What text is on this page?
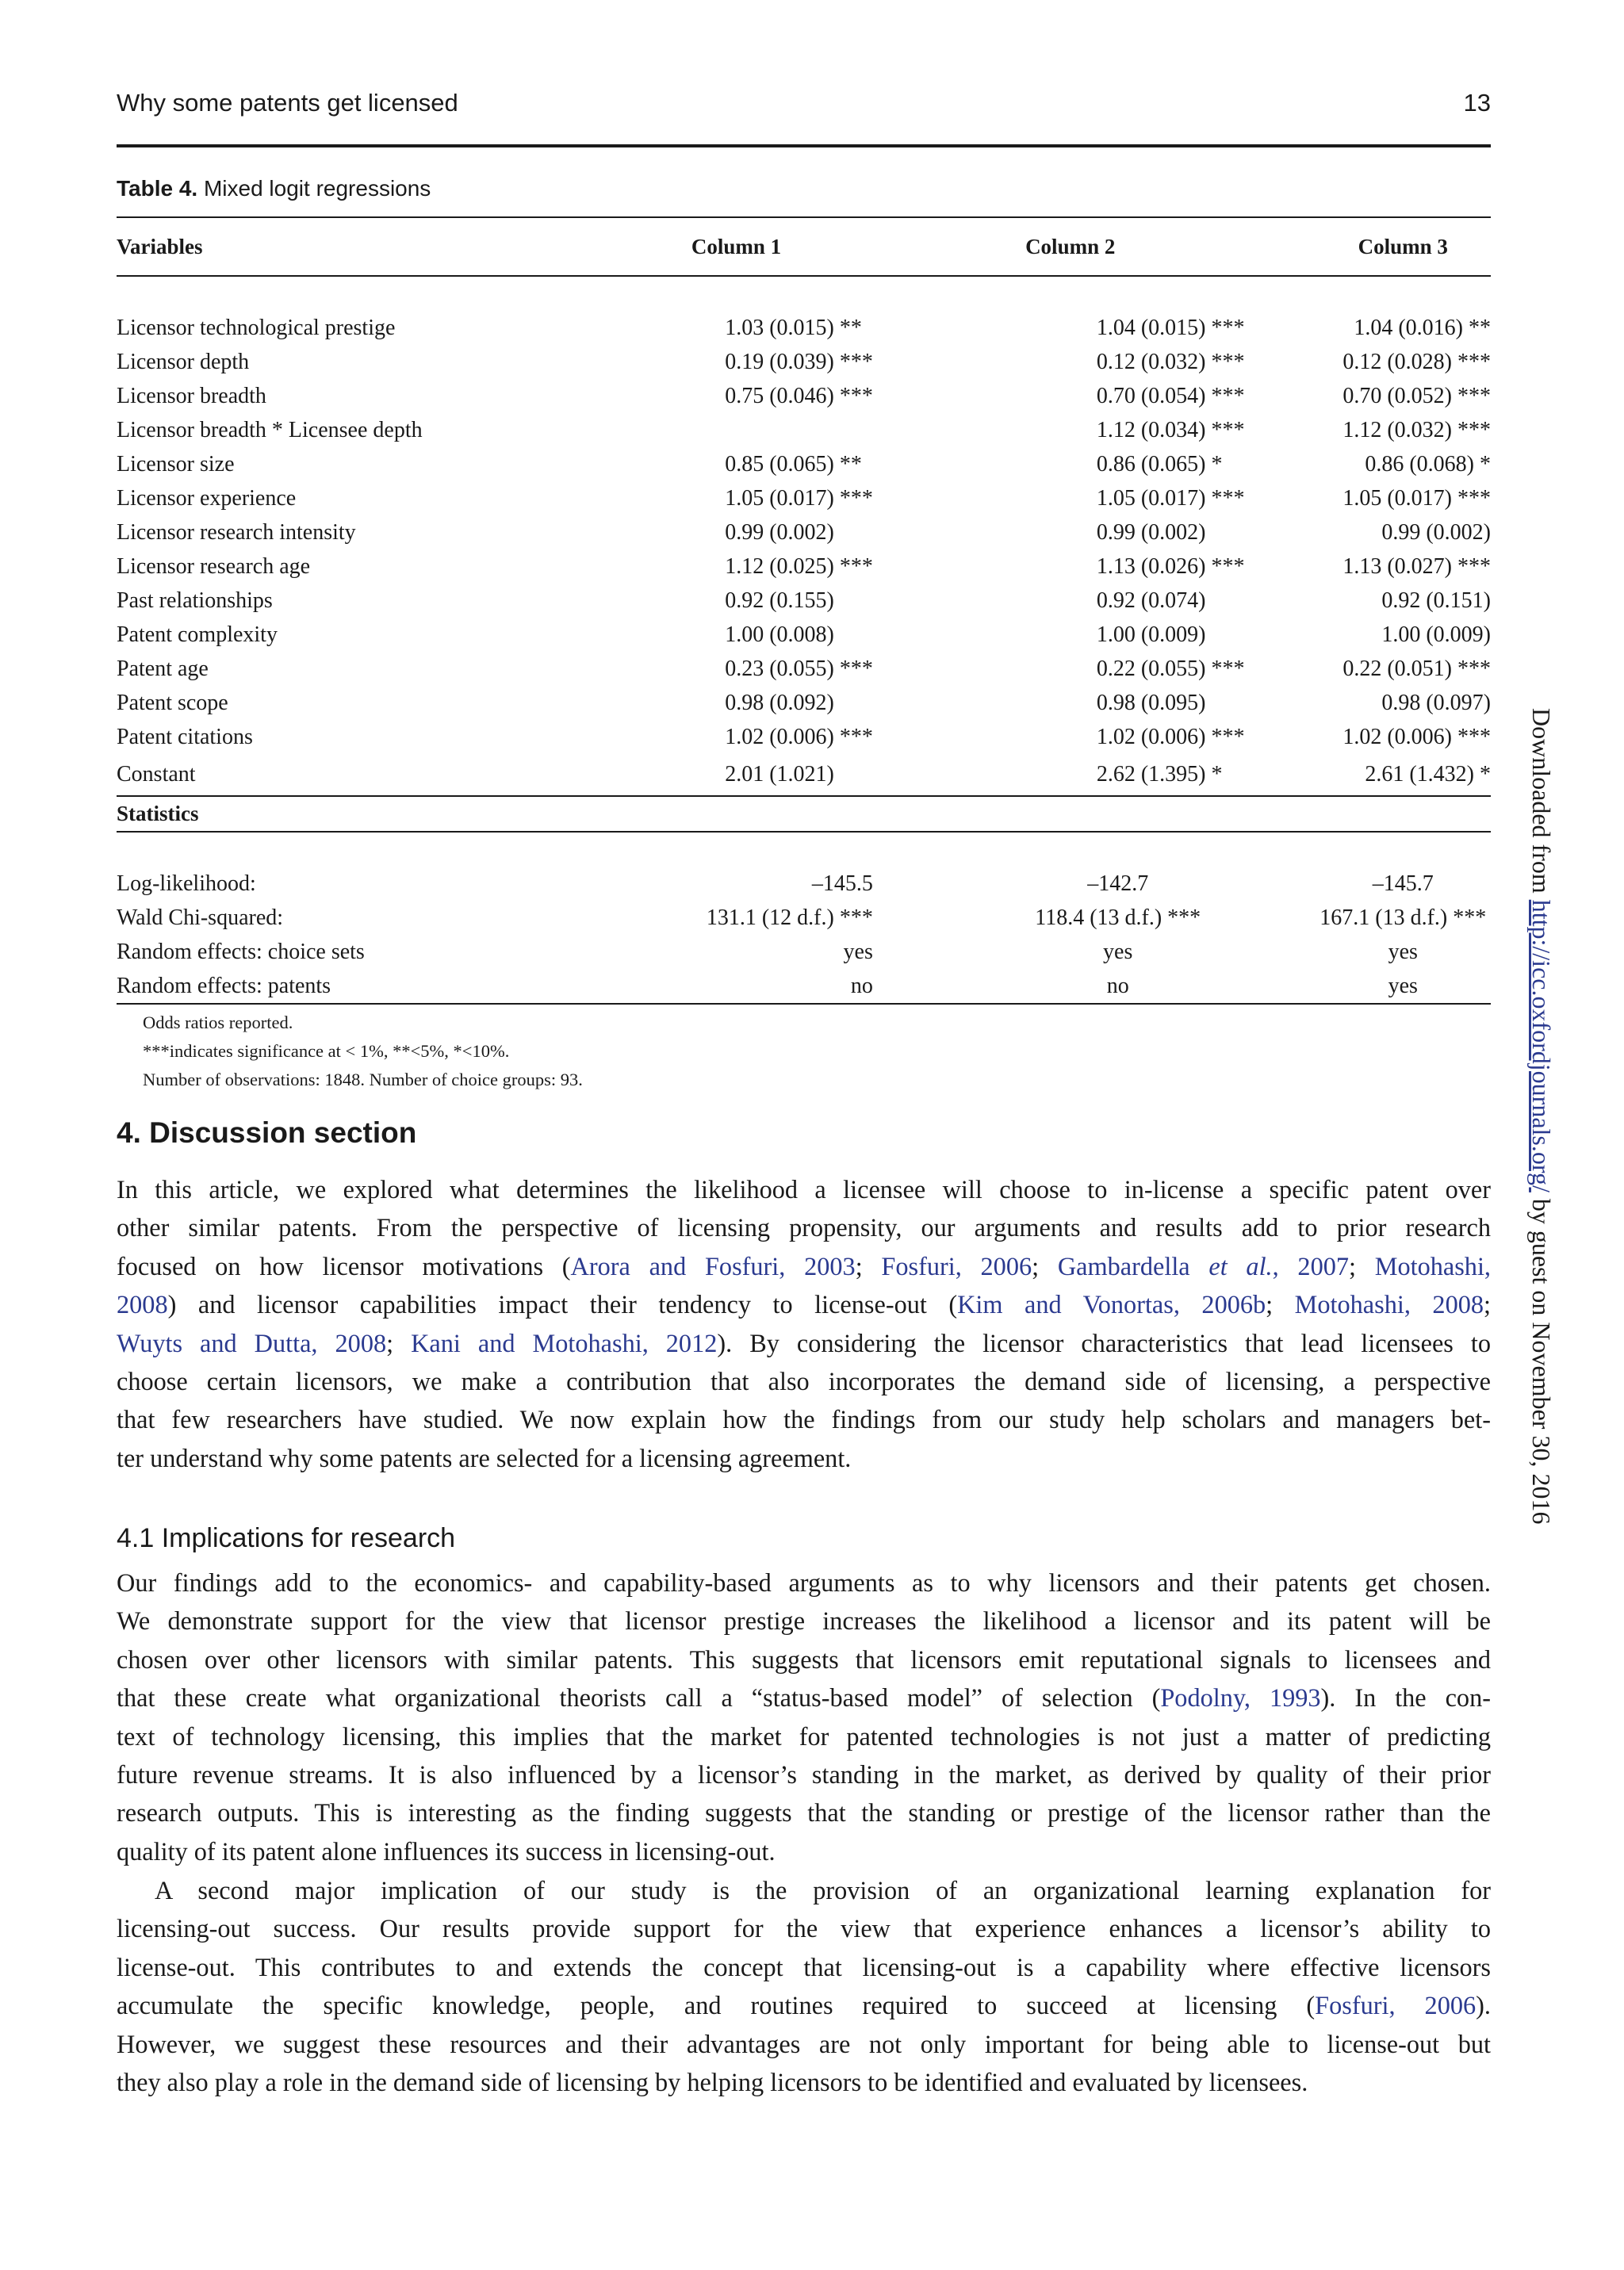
Why some patents get licensed	13
Table 4. Mixed logit regressions
Variables	Column 1	Column 2	Column 3

Licensor technological prestige	1.03 (0.015) **	1.04 (0.015) ***	1.04 (0.016) **
Licensor depth	0.19 (0.039) ***	0.12 (0.032) ***	0.12 (0.028) ***
Licensor breadth	0.75 (0.046) ***	0.70 (0.054) ***	0.70 (0.052) ***
Licensor breadth * Licensee depth		1.12 (0.034) ***	1.12 (0.032) ***
Licensor size	0.85 (0.065) **	0.86 (0.065) *	0.86 (0.068) *
Licensor experience	1.05 (0.017) ***	1.05 (0.017) ***	1.05 (0.017) ***
Licensor research intensity	0.99 (0.002)	0.99 (0.002)	0.99 (0.002)
Licensor research age	1.12 (0.025) ***	1.13 (0.026) ***	1.13 (0.027) ***
Past relationships	0.92 (0.155)	0.92 (0.074)	0.92 (0.151)
Patent complexity	1.00 (0.008)	1.00 (0.009)	1.00 (0.009)
Patent age	0.23 (0.055) ***	0.22 (0.055) ***	0.22 (0.051) ***
Patent scope	0.98 (0.092)	0.98 (0.095)	0.98 (0.097)
Patent citations	1.02 (0.006) ***	1.02 (0.006) ***	1.02 (0.006) ***
Constant	2.01 (1.021)	2.62 (1.395) *	2.61 (1.432) *
Statistics			

Log-likelihood:	–145.5	–142.7	–145.7
Wald Chi-squared:	131.1 (12 d.f.) ***	118.4 (13 d.f.) ***	167.1 (13 d.f.) ***
Random effects: choice sets	yes	yes	yes
Random effects: patents	no	no	yes
Odds ratios reported.
***indicates significance at < 1%, **<5%, *<10%.
Number of observations: 1848. Number of choice groups: 93.
4. Discussion section

In this article, we explored what determines the likelihood a licensee will choose to in-license a specific patent over
other similar patents. From the perspective of licensing propensity, our arguments and results add to prior research
focused on how licensor motivations (Arora and Fosfuri, 2003; Fosfuri, 2006; Gambardella et al., 2007; Motohashi,
2008) and licensor capabilities impact their tendency to license-out (Kim and Vonortas, 2006b; Motohashi, 2008;
Wuyts and Dutta, 2008; Kani and Motohashi, 2012). By considering the licensor characteristics that lead licensees to
choose certain licensors, we make a contribution that also incorporates the demand side of licensing, a perspective
that few researchers have studied. We now explain how the findings from our study help scholars and managers bet-
ter understand why some patents are selected for a licensing agreement.

4.1 Implications for research

Our findings add to the economics- and capability-based arguments as to why licensors and their patents get chosen.
We demonstrate support for the view that licensor prestige increases the likelihood a licensor and its patent will be
chosen over other licensors with similar patents. This suggests that licensors emit reputational signals to licensees and
that these create what organizational theorists call a “status-based model” of selection (Podolny, 1993). In the con-
text of technology licensing, this implies that the market for patented technologies is not just a matter of predicting
future revenue streams. It is also influenced by a licensor’s standing in the market, as derived by quality of their prior
research outputs. This is interesting as the finding suggests that the standing or prestige of the licensor rather than the
quality of its patent alone influences its success in licensing-out.

A second major implication of our study is the provision of an organizational learning explanation for
licensing-out success. Our results provide support for the view that experience enhances a licensor’s ability to
license-out. This contributes to and extends the concept that licensing-out is a capability where effective licensors
accumulate the specific knowledge, people, and routines required to succeed at licensing (Fosfuri, 2006).
However, we suggest these resources and their advantages are not only important for being able to license-out but
they also play a role in the demand side of licensing by helping licensors to be identified and evaluated by licensees.

Downloaded from http://icc.oxfordjournals.org/ by guest on November 30, 2016
